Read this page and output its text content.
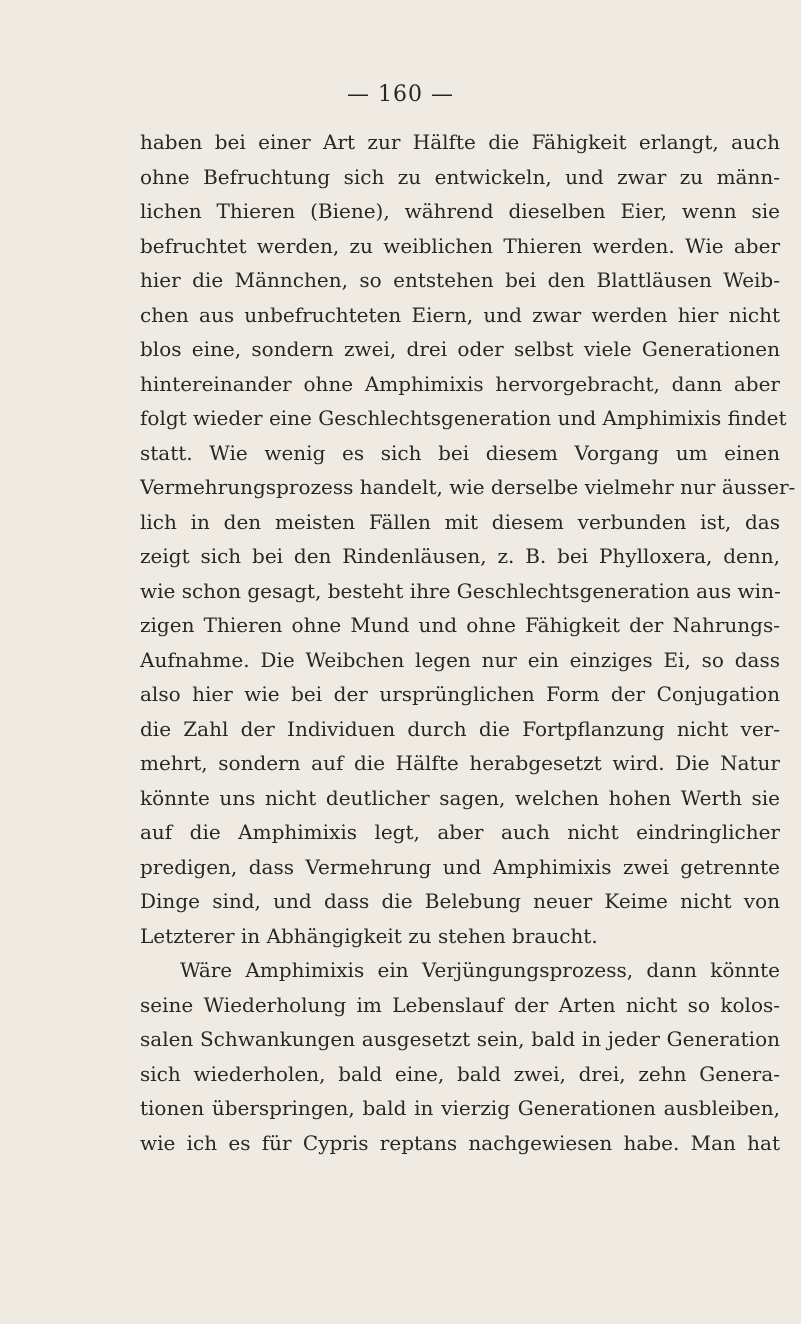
— 160 —
haben bei einer Art zur Hälfte die Fähigkeit erlangt, auch
ohne Befruchtung sich zu entwickeln, und zwar zu männ-
lichen Thieren (Biene), während dieselben Eier, wenn sie
befruchtet werden, zu weiblichen Thieren werden. Wie aber
hier die Männchen, so entstehen bei den Blattläusen Weib-
chen aus unbefruchteten Eiern, und zwar werden hier nicht
blos eine, sondern zwei, drei oder selbst viele Generationen
hintereinander ohne Amphimixis hervorgebracht, dann aber
folgt wieder eine Geschlechtsgeneration und Amphimixis findet
statt. Wie wenig es sich bei diesem Vorgang um einen
Vermehrungsprozess handelt, wie derselbe vielmehr nur äusser-
lich in den meisten Fällen mit diesem verbunden ist, das
zeigt sich bei den Rindenläusen, z. B. bei Phylloxera, denn,
wie schon gesagt, besteht ihre Geschlechtsgeneration aus win-
zigen Thieren ohne Mund und ohne Fähigkeit der Nahrungs-
Aufnahme. Die Weibchen legen nur ein einziges Ei, so dass
also hier wie bei der ursprünglichen Form der Conjugation
die Zahl der Individuen durch die Fortpflanzung nicht ver-
mehrt, sondern auf die Hälfte herabgesetzt wird. Die Natur
könnte uns nicht deutlicher sagen, welchen hohen Werth sie
auf die Amphimixis legt, aber auch nicht eindringlicher
predigen, dass Vermehrung und Amphimixis zwei getrennte
Dinge sind, und dass die Belebung neuer Keime nicht von
Letzterer in Abhängigkeit zu stehen braucht.
Wäre Amphimixis ein Verjüngungsprozess, dann könnte
seine Wiederholung im Lebenslauf der Arten nicht so kolos-
salen Schwankungen ausgesetzt sein, bald in jeder Generation
sich wiederholen, bald eine, bald zwei, drei, zehn Genera-
tionen überspringen, bald in vierzig Generationen ausbleiben,
wie ich es für Cypris reptans nachgewiesen habe. Man hat
